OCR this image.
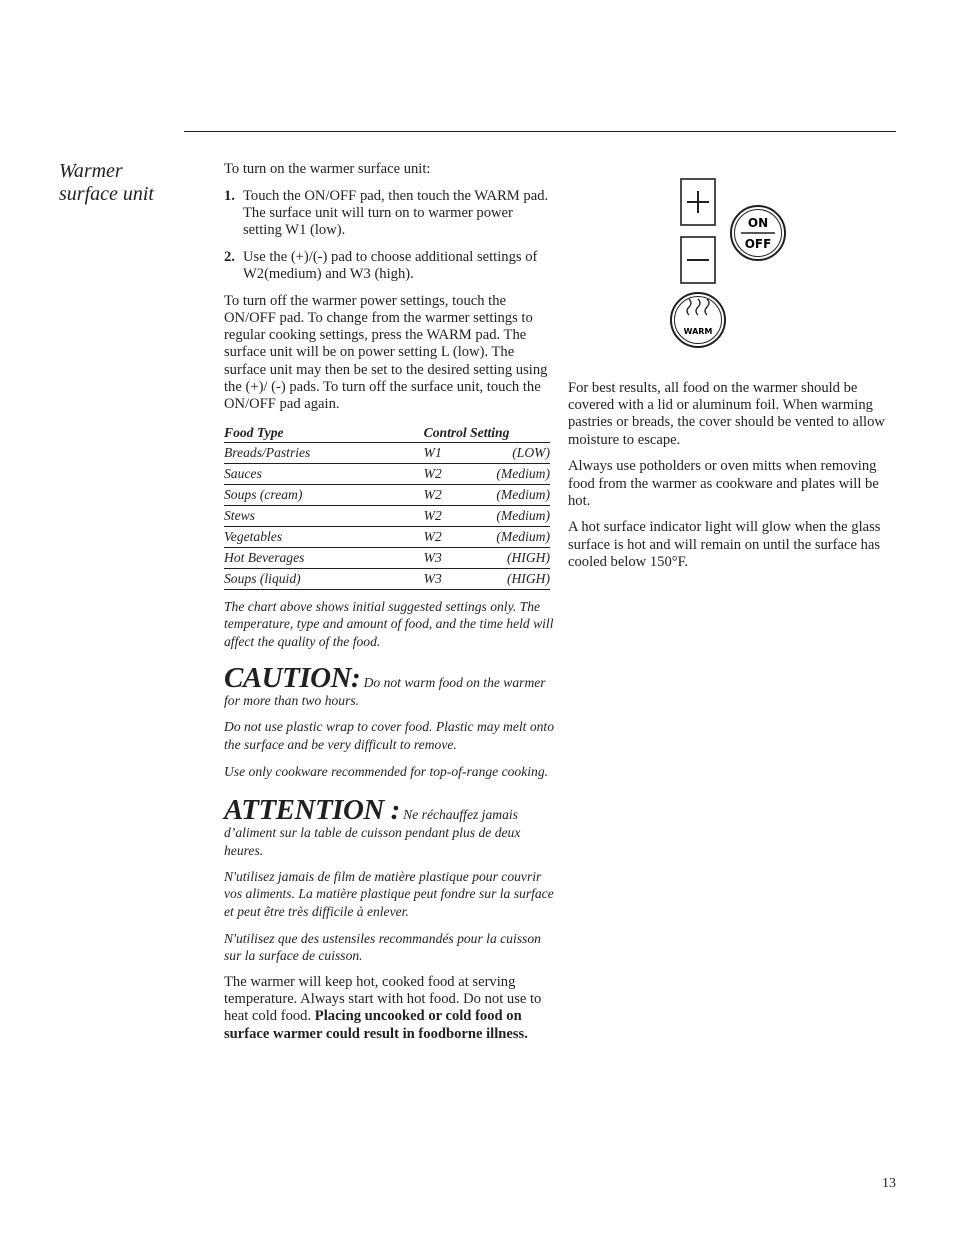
Warmer
surface unit

To turn on the warmer surface unit:

1. Touch the ON/OFF pad, then touch the WARM pad. The surface unit will turn on to warmer power setting W1 (low).
2. Use the (+)/(-) pad to choose additional settings of W2(medium) and W3 (high).

To turn off the warmer power settings, touch the ON/OFF pad. To change from the warmer settings to regular cooking settings, press the WARM pad. The surface unit will be on power setting L (low). The surface unit may then be set to the desired setting using the (+)/ (-) pads. To turn off the surface unit, touch the ON/OFF pad again.

Food Type	Control Setting	
Breads/Pastries	W1	(LOW)
Sauces	W2	(Medium)
Soups (cream)	W2	(Medium)
Stews	W2	(Medium)
Vegetables	W2	(Medium)
Hot Beverages	W3	(HIGH)
Soups (liquid)	W3	(HIGH)

The chart above shows initial suggested settings only. The temperature, type and amount of food, and the time held will affect the quality of the food.

CAUTION: Do not warm food on the warmer for more than two hours.

Do not use plastic wrap to cover food. Plastic may melt onto the surface and be very difficult to remove.

Use only cookware recommended for top-of-range cooking.

ATTENTION : Ne réchauffez jamais d’aliment sur la table de cuisson pendant plus de deux heures.

N'utilisez jamais de film de matière plastique pour couvrir vos aliments. La matière plastique peut fondre sur la surface et peut être très difficile à enlever.

N'utilisez que des ustensiles recommandés pour la cuisson sur la surface de cuisson.

The warmer will keep hot, cooked food at serving temperature. Always start with hot food. Do not use to heat cold food. Placing uncooked or cold food on surface warmer could result in foodborne illness.

ON
OFF
WARM

For best results, all food on the warmer should be covered with a lid or aluminum foil. When warming pastries or breads, the cover should be vented to allow moisture to escape.

Always use potholders or oven mitts when removing food from the warmer as cookware and plates will be hot.

A hot surface indicator light will glow when the glass surface is hot and will remain on until the surface has cooled below 150°F.

13
